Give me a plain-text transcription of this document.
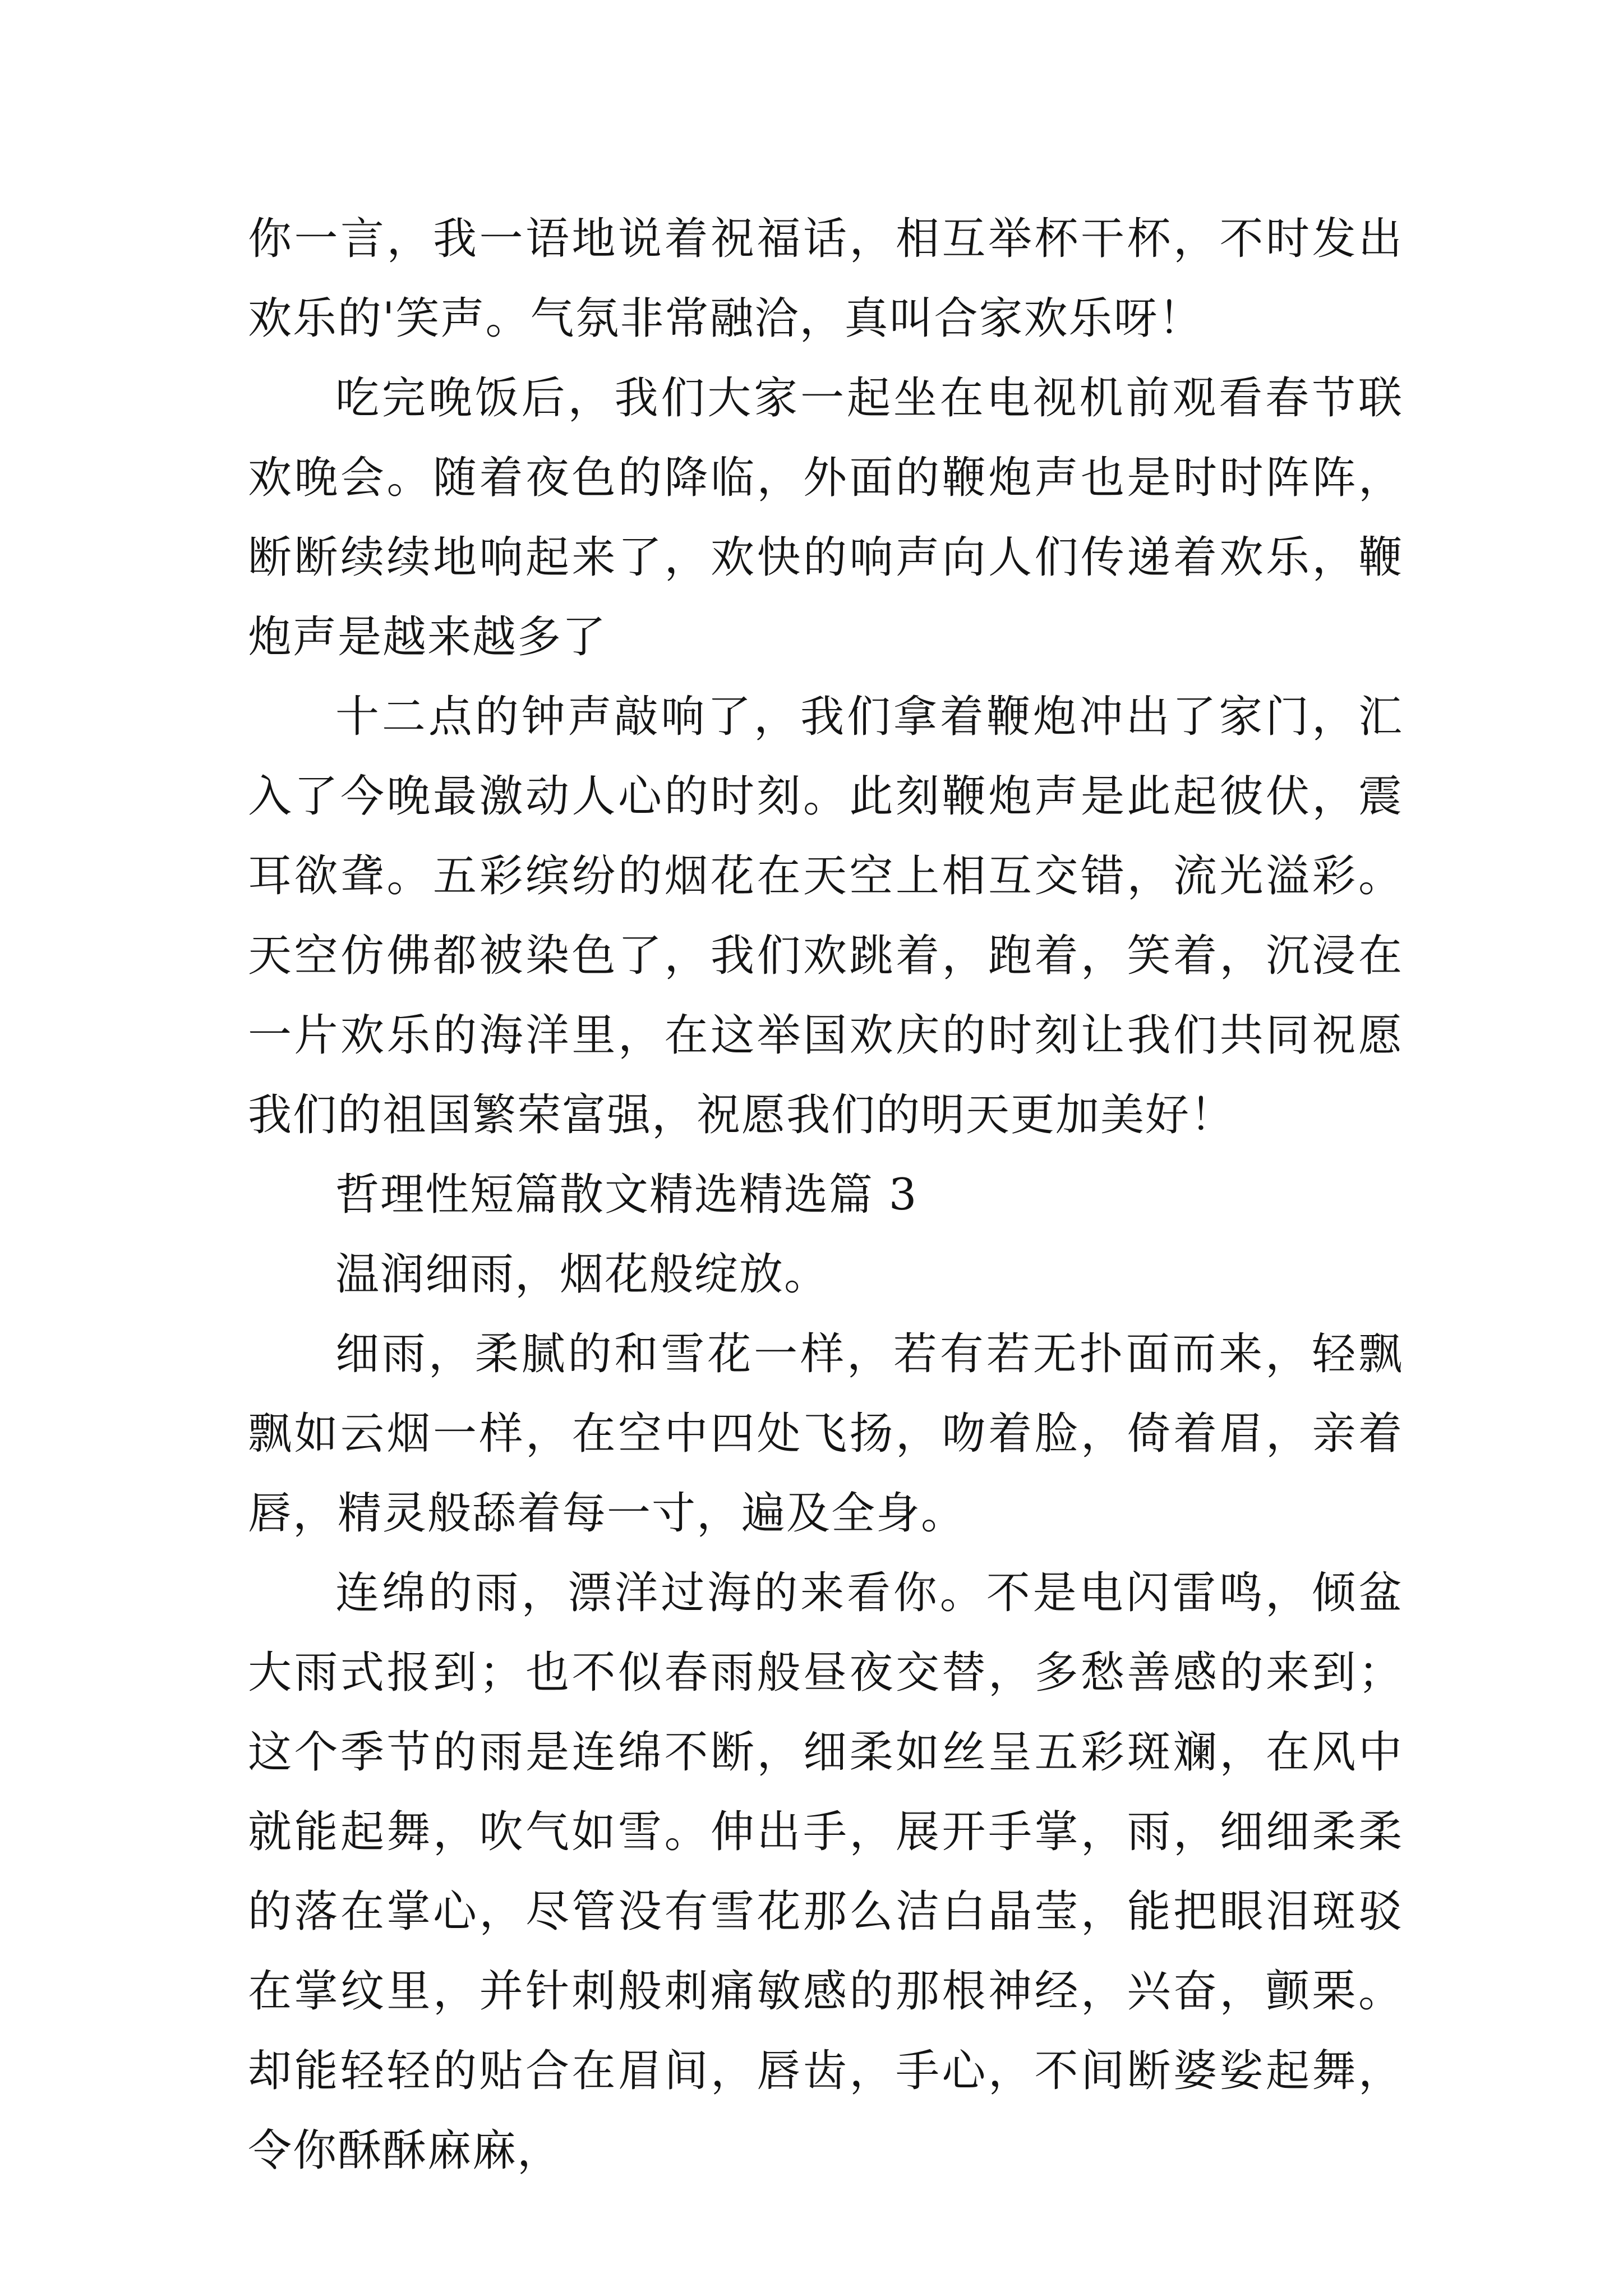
你一言，我一语地说着祝福话，相互举杯干杯，不时发出欢乐的'笑声。气氛非常融洽，真叫合家欢乐呀！

吃完晚饭后，我们大家一起坐在电视机前观看春节联欢晚会。随着夜色的降临，外面的鞭炮声也是时时阵阵，断断续续地响起来了，欢快的响声向人们传递着欢乐，鞭炮声是越来越多了

十二点的钟声敲响了，我们拿着鞭炮冲出了家门，汇入了今晚最激动人心的时刻。此刻鞭炮声是此起彼伏，震耳欲聋。五彩缤纷的烟花在天空上相互交错，流光溢彩。天空仿佛都被染色了，我们欢跳着，跑着，笑着，沉浸在一片欢乐的海洋里，在这举国欢庆的时刻让我们共同祝愿我们的祖国繁荣富强，祝愿我们的明天更加美好！

哲理性短篇散文精选精选篇 3

温润细雨，烟花般绽放。

细雨，柔腻的和雪花一样，若有若无扑面而来，轻飘飘如云烟一样，在空中四处飞扬，吻着脸，倚着眉，亲着唇，精灵般舔着每一寸，遍及全身。

连绵的雨，漂洋过海的来看你。不是电闪雷鸣，倾盆大雨式报到；也不似春雨般昼夜交替，多愁善感的来到；这个季节的雨是连绵不断，细柔如丝呈五彩斑斓，在风中就能起舞，吹气如雪。伸出手，展开手掌，雨，细细柔柔的落在掌心，尽管没有雪花那么洁白晶莹，能把眼泪斑驳在掌纹里，并针刺般刺痛敏感的那根神经，兴奋，颤栗。却能轻轻的贴合在眉间，唇齿，手心，不间断婆娑起舞，令你酥酥麻麻，
